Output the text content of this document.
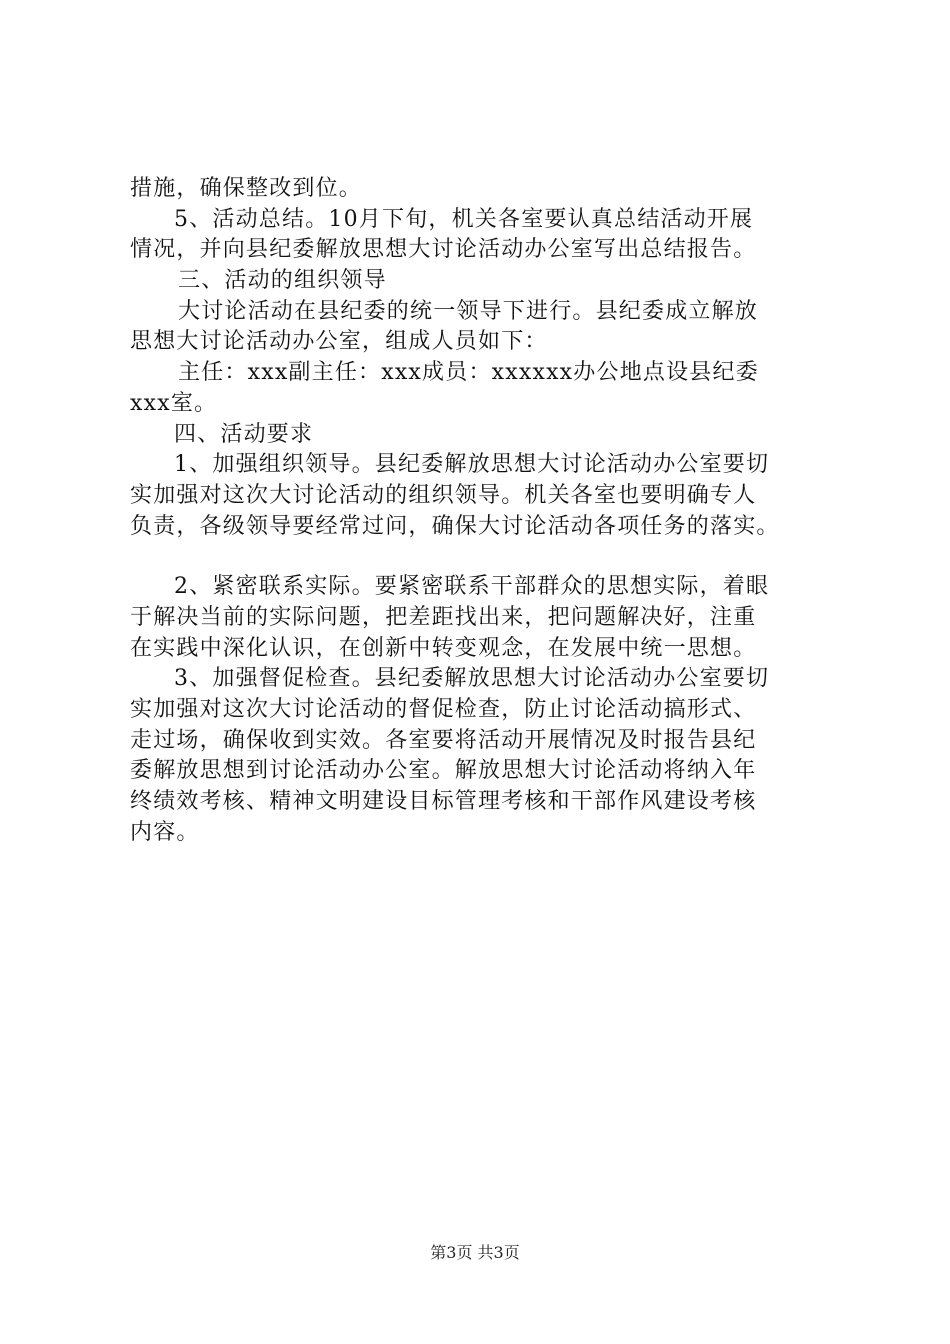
措施，确保整改到位。
5、活动总结。10月下旬，机关各室要认真总结活动开展
情况，并向县纪委解放思想大讨论活动办公室写出总结报告。
三、活动的组织领导
大讨论活动在县纪委的统一领导下进行。县纪委成立解放
思想大讨论活动办公室，组成人员如下：
主任：xxx副主任：xxx成员：xxxxxx办公地点设县纪委
xxx室。
四、活动要求
1、加强组织领导。县纪委解放思想大讨论活动办公室要切
实加强对这次大讨论活动的组织领导。机关各室也要明确专人
负责，各级领导要经常过问，确保大讨论活动各项任务的落实。
2、紧密联系实际。要紧密联系干部群众的思想实际，着眼
于解决当前的实际问题，把差距找出来，把问题解决好，注重
在实践中深化认识，在创新中转变观念，在发展中统一思想。
3、加强督促检查。县纪委解放思想大讨论活动办公室要切
实加强对这次大讨论活动的督促检查，防止讨论活动搞形式、
走过场，确保收到实效。各室要将活动开展情况及时报告县纪
委解放思想到讨论活动办公室。解放思想大讨论活动将纳入年
终绩效考核、精神文明建设目标管理考核和干部作风建设考核
内容。
第3页 共3页
